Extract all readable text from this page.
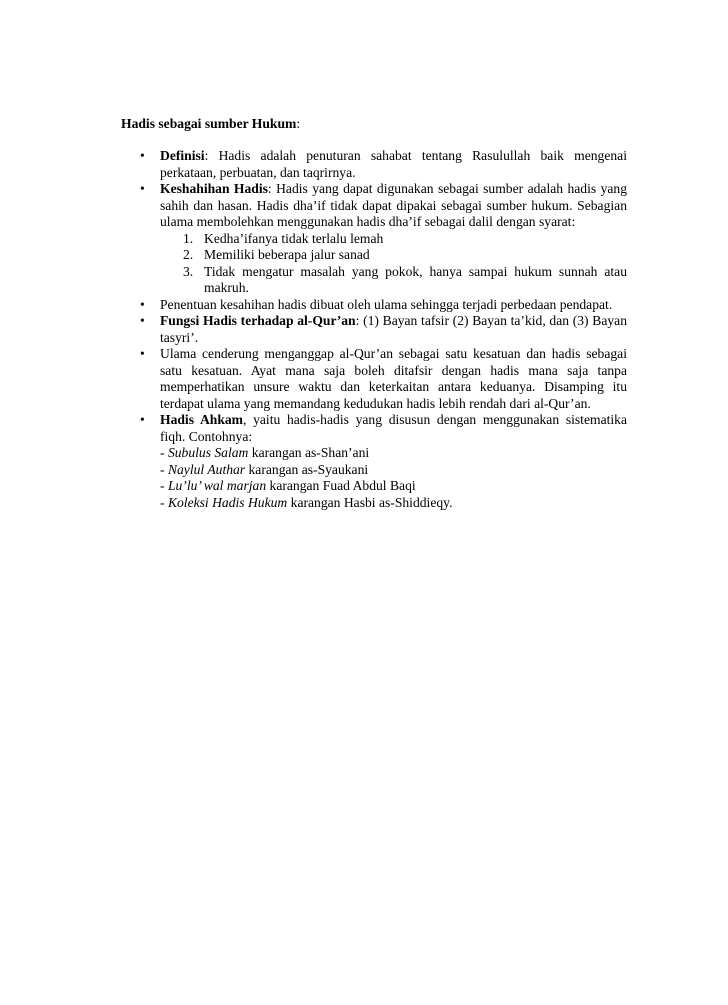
Hadis sebagai sumber Hukum:

• Definisi: Hadis adalah penuturan sahabat tentang Rasulullah baik mengenai perkataan, perbuatan, dan taqrirnya.
• Keshahihan Hadis: Hadis yang dapat digunakan sebagai sumber adalah hadis yang sahih dan hasan. Hadis dha’if tidak dapat dipakai sebagai sumber hukum. Sebagian ulama membolehkan menggunakan hadis dha’if sebagai dalil dengan syarat:
1. Kedha’ifanya tidak terlalu lemah
2. Memiliki beberapa jalur sanad
3. Tidak mengatur masalah yang pokok, hanya sampai hukum sunnah atau makruh.
• Penentuan kesahihan hadis dibuat oleh ulama sehingga terjadi perbedaan pendapat.
• Fungsi Hadis terhadap al-Qur’an: (1) Bayan tafsir (2) Bayan ta’kid, dan (3) Bayan tasyri’.
• Ulama cenderung menganggap al-Qur’an sebagai satu kesatuan dan hadis sebagai satu kesatuan. Ayat mana saja boleh ditafsir dengan hadis mana saja tanpa memperhatikan unsure waktu dan keterkaitan antara keduanya. Disamping itu terdapat ulama yang memandang kedudukan hadis lebih rendah dari al-Qur’an.
• Hadis Ahkam, yaitu hadis-hadis yang disusun dengan menggunakan sistematika fiqh. Contohnya:
- Subulus Salam karangan as-Shan’ani
- Naylul Authar karangan as-Syaukani
- Lu’lu’ wal marjan karangan Fuad Abdul Baqi
- Koleksi Hadis Hukum karangan Hasbi as-Shiddieqy.
